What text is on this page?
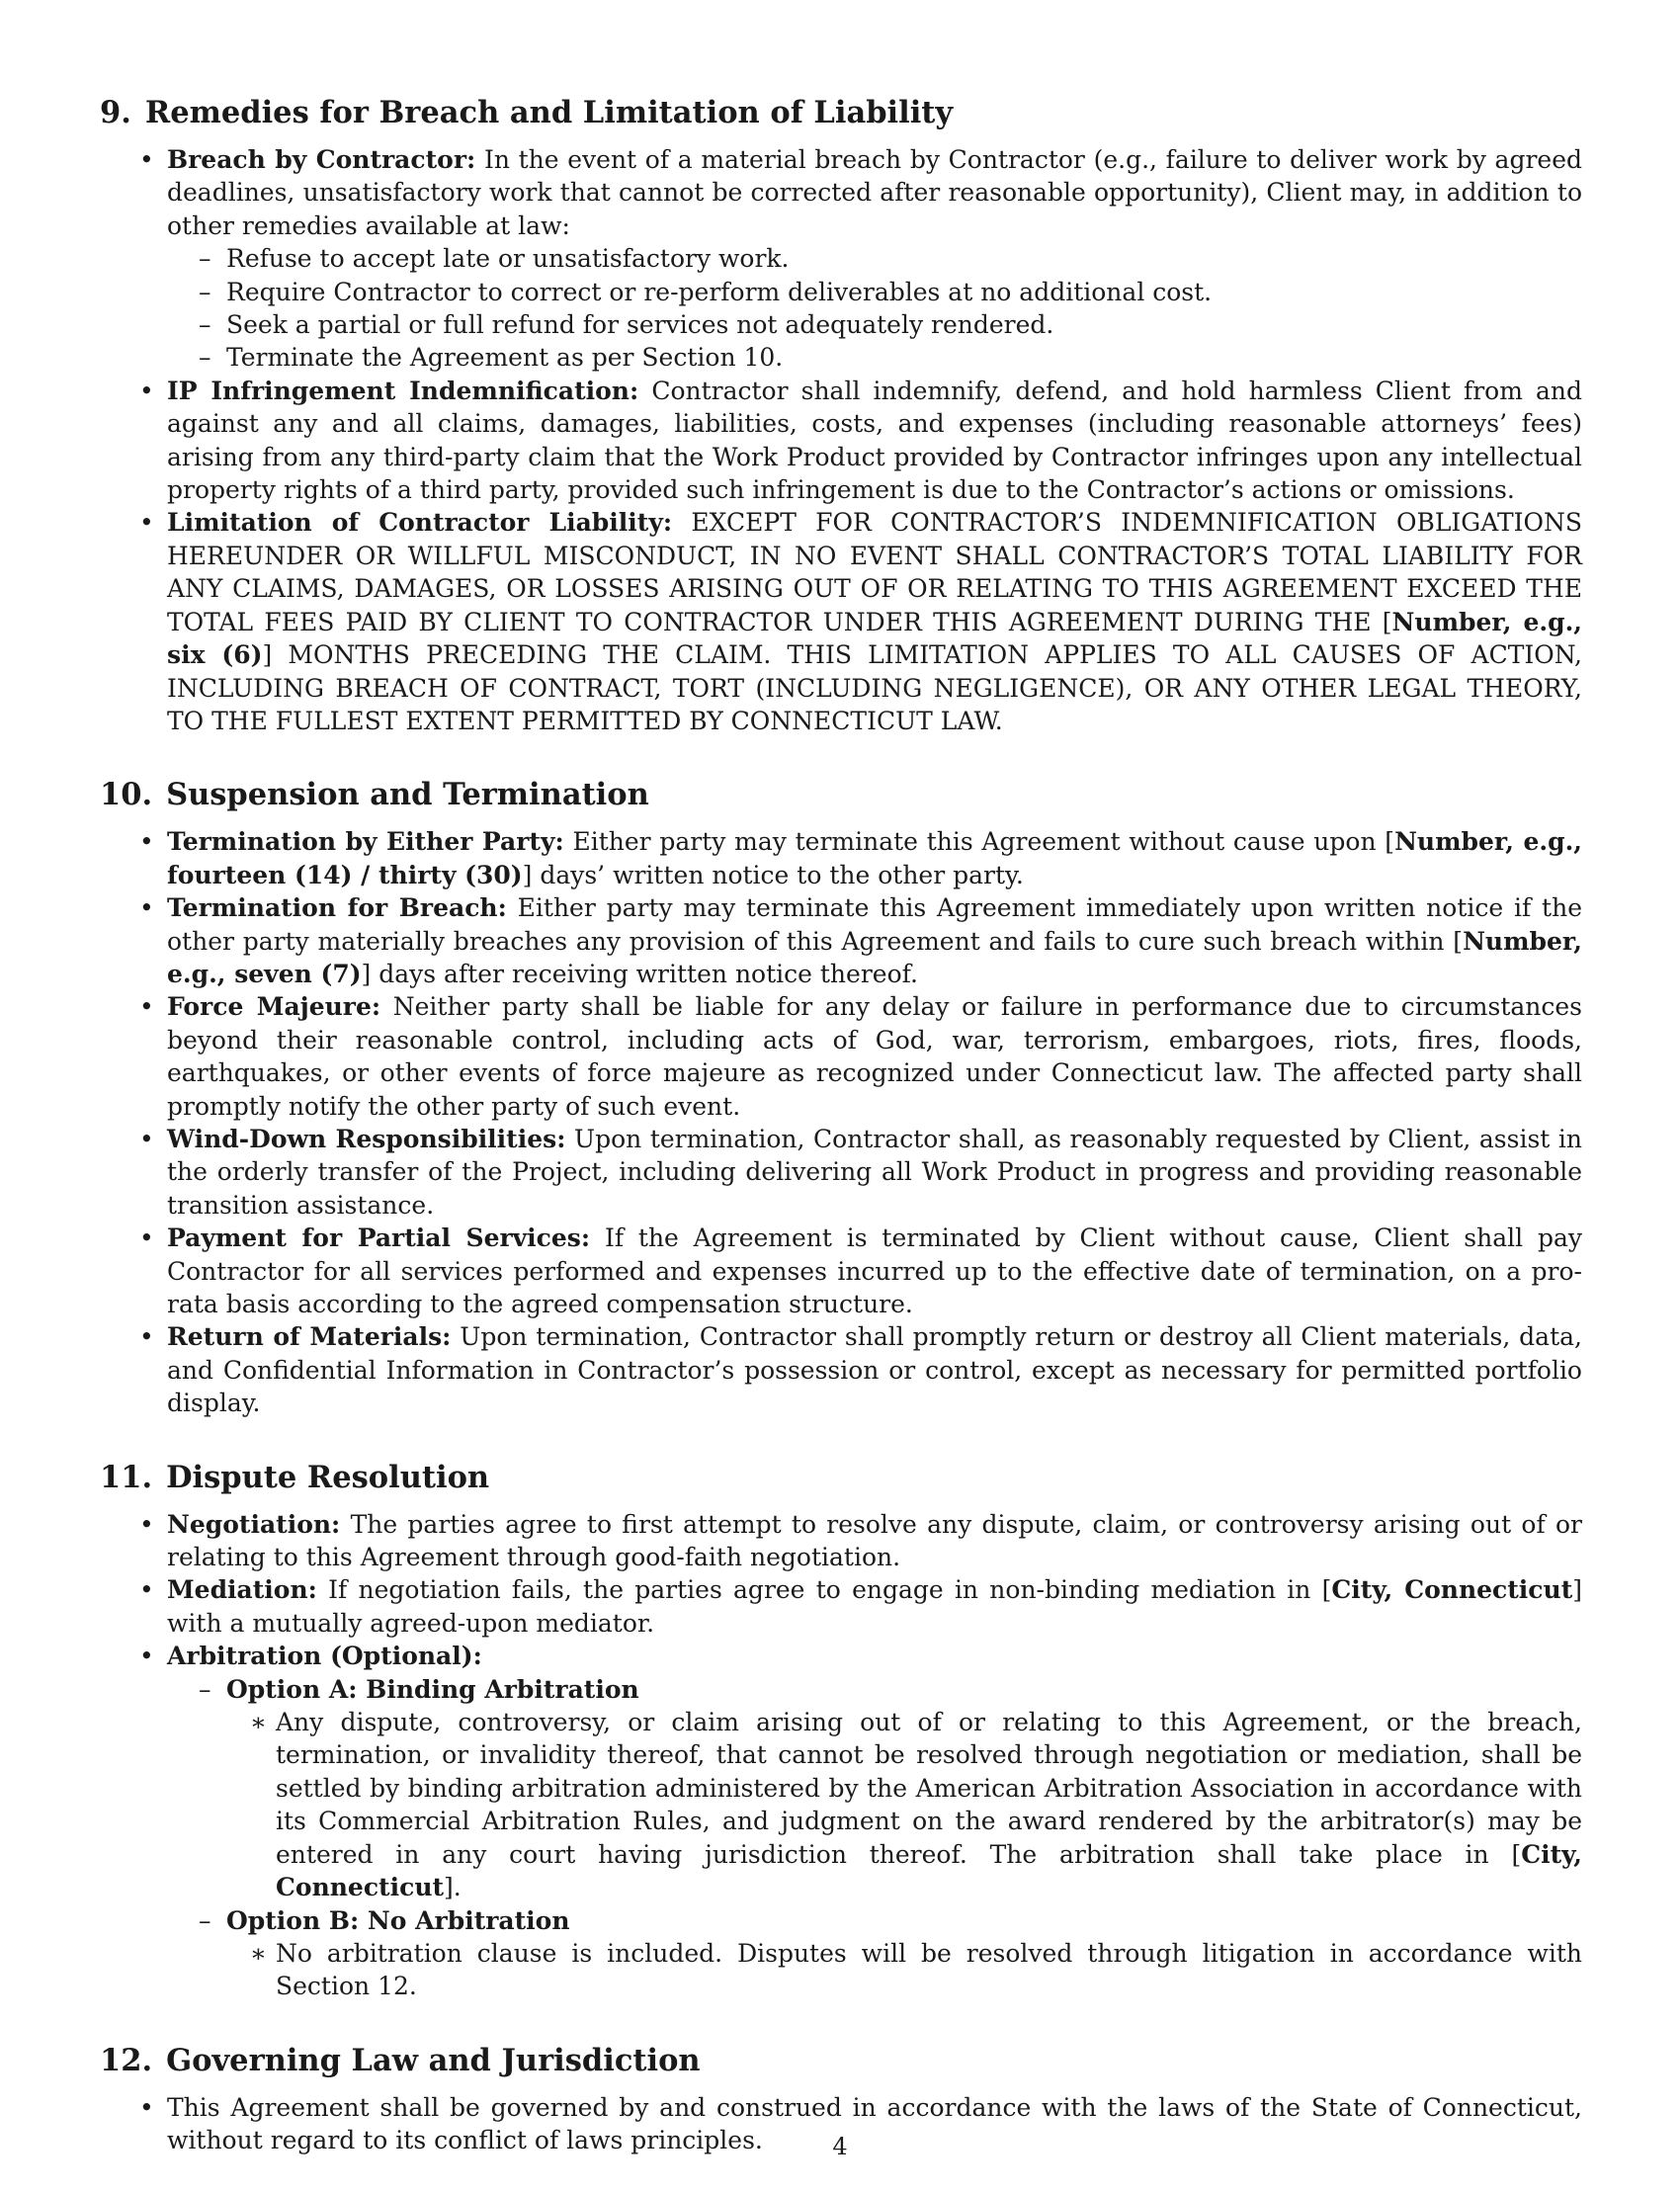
9. Remedies for Breach and Limitation of Liability
• Breach by Contractor: In the event of a material breach by Contractor (e.g., failure to deliver work by agreed deadlines, unsatisfactory work that cannot be corrected after reasonable opportunity), Client may, in addition to other remedies available at law:
– Refuse to accept late or unsatisfactory work.
– Require Contractor to correct or re-perform deliverables at no additional cost.
– Seek a partial or full refund for services not adequately rendered.
– Terminate the Agreement as per Section 10.
• IP Infringement Indemnification: Contractor shall indemnify, defend, and hold harmless Client from and against any and all claims, damages, liabilities, costs, and expenses (including reasonable attorneys’ fees) arising from any third-party claim that the Work Product provided by Contractor infringes upon any intellectual property rights of a third party, provided such infringement is due to the Contractor’s actions or omissions.
• Limitation of Contractor Liability: EXCEPT FOR CONTRACTOR’S INDEMNIFICATION OBLIGATIONS HEREUNDER OR WILLFUL MISCONDUCT, IN NO EVENT SHALL CONTRACTOR’S TOTAL LIABILITY FOR ANY CLAIMS, DAMAGES, OR LOSSES ARISING OUT OF OR RELATING TO THIS AGREEMENT EXCEED THE TOTAL FEES PAID BY CLIENT TO CONTRACTOR UNDER THIS AGREEMENT DURING THE [Number, e.g., six (6)] MONTHS PRECEDING THE CLAIM. THIS LIMITATION APPLIES TO ALL CAUSES OF ACTION, INCLUDING BREACH OF CONTRACT, TORT (INCLUDING NEGLIGENCE), OR ANY OTHER LEGAL THEORY, TO THE FULLEST EXTENT PERMITTED BY CONNECTICUT LAW.
10. Suspension and Termination
• Termination by Either Party: Either party may terminate this Agreement without cause upon [Number, e.g., fourteen (14) / thirty (30)] days’ written notice to the other party.
• Termination for Breach: Either party may terminate this Agreement immediately upon written notice if the other party materially breaches any provision of this Agreement and fails to cure such breach within [Number, e.g., seven (7)] days after receiving written notice thereof.
• Force Majeure: Neither party shall be liable for any delay or failure in performance due to circumstances beyond their reasonable control, including acts of God, war, terrorism, embargoes, riots, fires, floods, earthquakes, or other events of force majeure as recognized under Connecticut law. The affected party shall promptly notify the other party of such event.
• Wind-Down Responsibilities: Upon termination, Contractor shall, as reasonably requested by Client, assist in the orderly transfer of the Project, including delivering all Work Product in progress and providing reasonable transition assistance.
• Payment for Partial Services: If the Agreement is terminated by Client without cause, Client shall pay Contractor for all services performed and expenses incurred up to the effective date of termination, on a pro-rata basis according to the agreed compensation structure.
• Return of Materials: Upon termination, Contractor shall promptly return or destroy all Client materials, data, and Confidential Information in Contractor’s possession or control, except as necessary for permitted portfolio display.
11. Dispute Resolution
• Negotiation: The parties agree to first attempt to resolve any dispute, claim, or controversy arising out of or relating to this Agreement through good-faith negotiation.
• Mediation: If negotiation fails, the parties agree to engage in non-binding mediation in [City, Connecticut] with a mutually agreed-upon mediator.
• Arbitration (Optional):
– Option A: Binding Arbitration
∗ Any dispute, controversy, or claim arising out of or relating to this Agreement, or the breach, termination, or invalidity thereof, that cannot be resolved through negotiation or mediation, shall be settled by binding arbitration administered by the American Arbitration Association in accordance with its Commercial Arbitration Rules, and judgment on the award rendered by the arbitrator(s) may be entered in any court having jurisdiction thereof. The arbitration shall take place in [City, Connecticut].
– Option B: No Arbitration
∗ No arbitration clause is included. Disputes will be resolved through litigation in accordance with Section 12.
12. Governing Law and Jurisdiction
• This Agreement shall be governed by and construed in accordance with the laws of the State of Connecticut, without regard to its conflict of laws principles.	4
